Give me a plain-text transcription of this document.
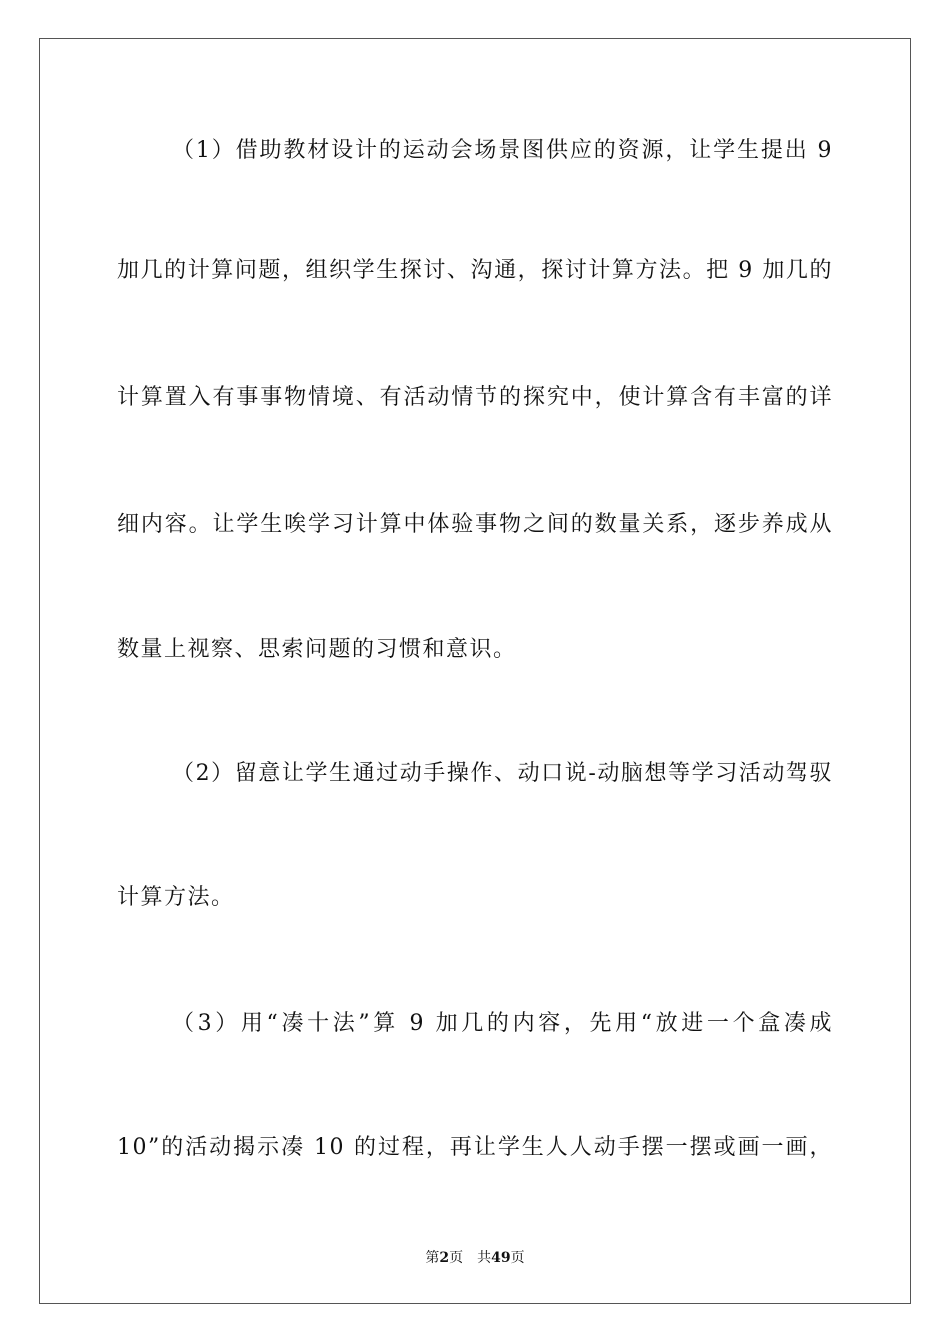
（1）借助教材设计的运动会场景图供应的资源，让学生提出 9
加几的计算问题，组织学生探讨、沟通，探讨计算方法。把 9 加几的
计算置入有事事物情境、有活动情节的探究中，使计算含有丰富的详
细内容。让学生唉学习计算中体验事物之间的数量关系，逐步养成从
数量上视察、思索问题的习惯和意识。
（2）留意让学生通过动手操作、动口说-动脑想等学习活动驾驭
计算方法。
（3）用“凑十法”算 9 加几的内容，先用“放进一个盒凑成
10”的活动揭示凑 10 的过程，再让学生人人动手摆一摆或画一画，
第2页　共49页
